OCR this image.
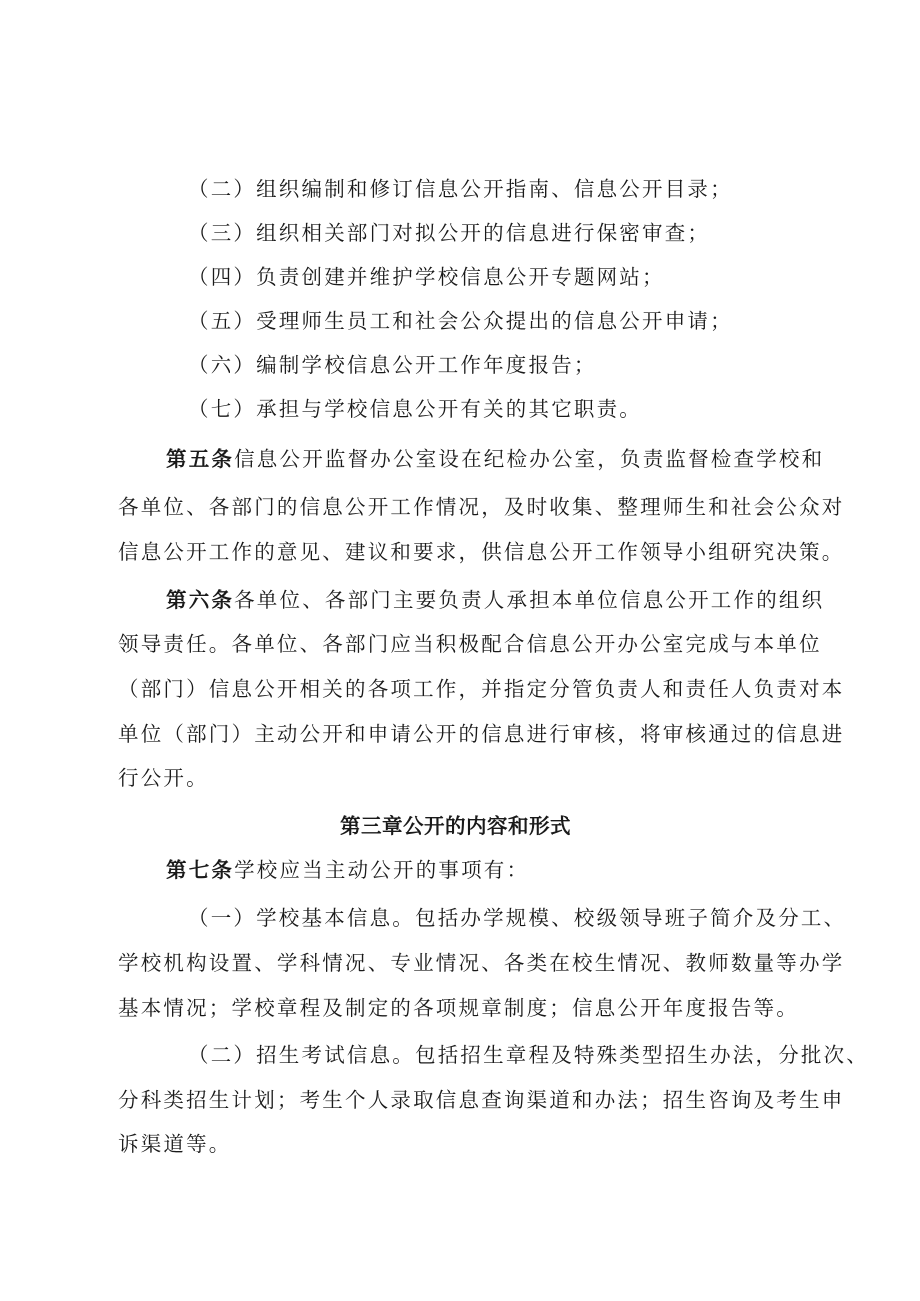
（二）组织编制和修订信息公开指南、信息公开目录；
（三）组织相关部门对拟公开的信息进行保密审查；
（四）负责创建并维护学校信息公开专题网站；
（五）受理师生员工和社会公众提出的信息公开申请；
（六）编制学校信息公开工作年度报告；
（七）承担与学校信息公开有关的其它职责。
第五条信息公开监督办公室设在纪检办公室，负责监督检查学校和
各单位、各部门的信息公开工作情况，及时收集、整理师生和社会公众对
信息公开工作的意见、建议和要求，供信息公开工作领导小组研究决策。
第六条各单位、各部门主要负责人承担本单位信息公开工作的组织
领导责任。各单位、各部门应当积极配合信息公开办公室完成与本单位
（部门）信息公开相关的各项工作，并指定分管负责人和责任人负责对本
单位（部门）主动公开和申请公开的信息进行审核，将审核通过的信息进
行公开。
第三章公开的内容和形式
第七条学校应当主动公开的事项有：
（一）学校基本信息。包括办学规模、校级领导班子简介及分工、
学校机构设置、学科情况、专业情况、各类在校生情况、教师数量等办学
基本情况；学校章程及制定的各项规章制度；信息公开年度报告等。
（二）招生考试信息。包括招生章程及特殊类型招生办法，分批次、
分科类招生计划；考生个人录取信息查询渠道和办法；招生咨询及考生申
诉渠道等。
